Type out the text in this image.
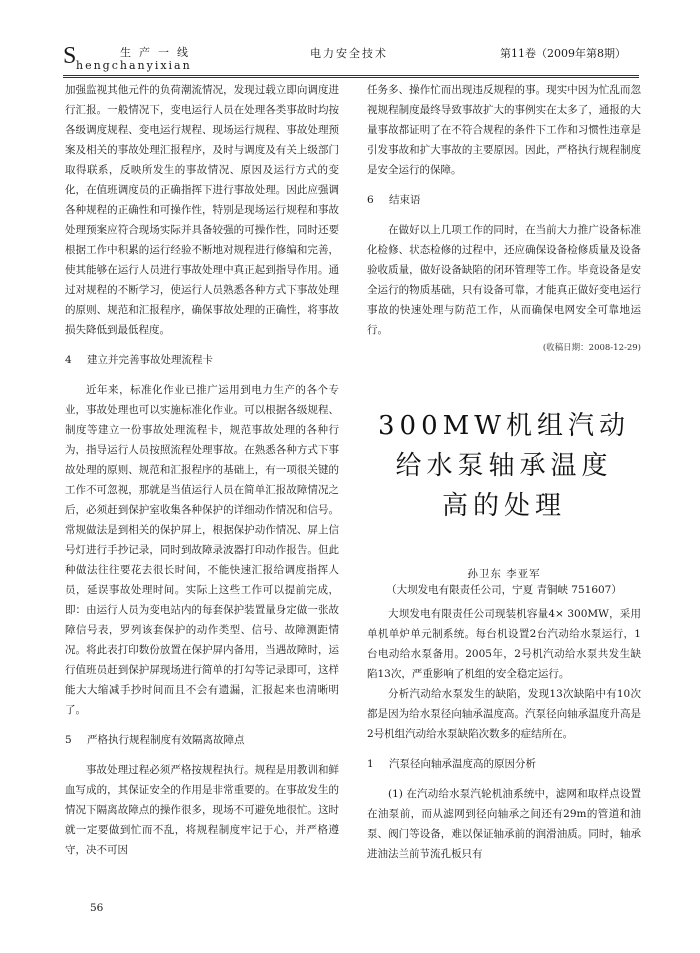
S	生产一线
hengchanyixian
电力安全技术	第11卷（2009年第8期）

加强监视其他元件的负荷潮流情况，发现过载立即向调度进行汇报。一般情况下，变电运行人员在处理各类事故时均按各级调度规程、变电运行规程、现场运行规程、事故处理预案及相关的事故处理汇报程序，及时与调度及有关上级部门取得联系，反映所发生的事故情况、原因及运行方式的变化，在值班调度员的正确指挥下进行事故处理。因此应强调各种规程的正确性和可操作性，特别是现场运行规程和事故处理预案应符合现场实际并具备较强的可操作性，同时还要根据工作中积累的运行经验不断地对规程进行修编和完善，使其能够在运行人员进行事故处理中真正起到指导作用。通过对规程的不断学习，使运行人员熟悉各种方式下事故处理的原则、规范和汇报程序，确保事故处理的正确性，将事故损失降低到最低程度。

4 建立并完善事故处理流程卡

近年来，标准化作业已推广运用到电力生产的各个专业，事故处理也可以实施标准化作业。可以根据各级规程、制度等建立一份事故处理流程卡，规范事故处理的各种行为，指导运行人员按照流程处理事故。在熟悉各种方式下事故处理的原则、规范和汇报程序的基础上，有一项很关键的工作不可忽视，那就是当值运行人员在简单汇报故障情况之后，必须赶到保护室收集各种保护的详细动作情况和信号。常规做法是到相关的保护屏上，根据保护动作情况、屏上信号灯进行手抄记录，同时到故障录波器打印动作报告。但此种做法往往要花去很长时间，不能快速汇报给调度指挥人员，延误事故处理时间。实际上这些工作可以提前完成，即：由运行人员为变电站内的每套保护装置量身定做一张故障信号表，罗列该套保护的动作类型、信号、故障测距情况。将此表打印数份放置在保护屏内备用，当遇故障时，运行值班员赶到保护屏现场进行简单的打勾等记录即可，这样能大大缩减手抄时间而且不会有遗漏，汇报起来也清晰明了。

5 严格执行规程制度有效隔离故障点

事故处理过程必须严格按规程执行。规程是用教训和鲜血写成的，其保证安全的作用是非常重要的。在事故发生的情况下隔离故障点的操作很多，现场不可避免地很忙。这时就一定要做到忙而不乱，将规程制度牢记于心，并严格遵守，决不可因

任务多、操作忙而出现违反规程的事。现实中因为忙乱而忽视规程制度最终导致事故扩大的事例实在太多了，通报的大量事故都证明了在不符合规程的条件下工作和习惯性违章是引发事故和扩大事故的主要原因。因此，严格执行规程制度是安全运行的保障。

6 结束语

在做好以上几项工作的同时，在当前大力推广设备标准化检修、状态检修的过程中，还应确保设备检修质量及设备验收质量，做好设备缺陷的闭环管理等工作。毕竟设备是安全运行的物质基础，只有设备可靠，才能真正做好变电运行事故的快速处理与防范工作，从而确保电网安全可靠地运行。

(收稿日期：2008-12-29)

300MW机组汽动
给水泵轴承温度
高的处理
孙卫东 李亚军
（大坝发电有限责任公司，宁夏 青铜峡 751607）

大坝发电有限责任公司现装机容量4× 300MW，采用单机单炉单元制系统。每台机设置2台汽动给水泵运行，1台电动给水泵备用。2005年，2号机汽动给水泵共发生缺陷13次，严重影响了机组的安全稳定运行。

分析汽动给水泵发生的缺陷，发现13次缺陷中有10次都是因为给水泵径向轴承温度高。汽泵径向轴承温度升高是2号机组汽动给水泵缺陷次数多的症结所在。

1 汽泵径向轴承温度高的原因分析

(1) 在汽动给水泵汽轮机油系统中，滤网和取样点设置在油泵前，而从滤网到径向轴承之间还有29m的管道和油泵、阀门等设备，难以保证轴承前的润滑油质。同时，轴承进油法兰前节流孔板只有

56
